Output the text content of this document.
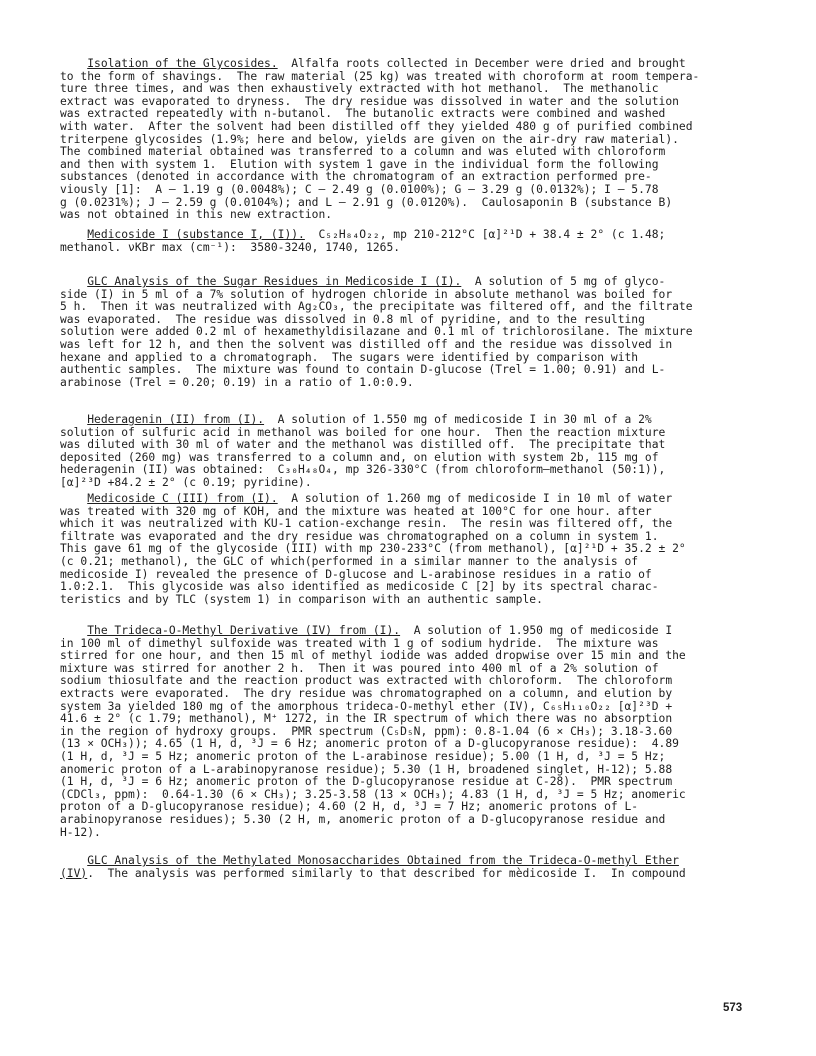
Isolation of the Glycosides.  Alfalfa roots collected in December were dried and brought
to the form of shavings.  The raw material (25 kg) was treated with choroform at room tempera-
ture three times, and was then exhaustively extracted with hot methanol.  The methanolic
extract was evaporated to dryness.  The dry residue was dissolved in water and the solution
was extracted repeatedly with n-butanol.  The butanolic extracts were combined and washed
with water.  After the solvent had been distilled off they yielded 480 g of purified combined
triterpene glycosides (1.9%; here and below, yields are given on the air-dry raw material).
The combined material obtained was transferred to a column and was eluted with chloroform
and then with system 1.  Elution with system 1 gave in the individual form the following
substances (denoted in accordance with the chromatogram of an extraction performed pre-
viously [1]:  A — 1.19 g (0.0048%); C — 2.49 g (0.0100%); G — 3.29 g (0.0132%); I — 5.78
g (0.0231%); J — 2.59 g (0.0104%); and L — 2.91 g (0.0120%).  Caulosaponin B (substance B)
was not obtained in this new extraction.
Medicoside I (substance I, (I)).  C₅₂H₈₄O₂₂, mp 210-212°C [α]²¹D + 38.4 ± 2° (c 1.48;
methanol. νKBr max (cm⁻¹):  3580-3240, 1740, 1265.
GLC Analysis of the Sugar Residues in Medicoside I (I).  A solution of 5 mg of glyco-
side (I) in 5 ml of a 7% solution of hydrogen chloride in absolute methanol was boiled for
5 h.  Then it was neutralized with Ag₂CO₃, the precipitate was filtered off, and the filtrate
was evaporated.  The residue was dissolved in 0.8 ml of pyridine, and to the resulting
solution were added 0.2 ml of hexamethyldisilazane and 0.1 ml of trichlorosilane. The mixture
was left for 12 h, and then the solvent was distilled off and the residue was dissolved in
hexane and applied to a chromatograph.  The sugars were identified by comparison with
authentic samples.  The mixture was found to contain D-glucose (Trel = 1.00; 0.91) and L-
arabinose (Trel = 0.20; 0.19) in a ratio of 1.0:0.9.
Hederagenin (II) from (I).  A solution of 1.550 mg of medicoside I in 30 ml of a 2%
solution of sulfuric acid in methanol was boiled for one hour.  Then the reaction mixture
was diluted with 30 ml of water and the methanol was distilled off.  The precipitate that
deposited (260 mg) was transferred to a column and, on elution with system 2b, 115 mg of
hederagenin (II) was obtained:  C₃₀H₄₈O₄, mp 326-330°C (from chloroform—methanol (50:1)),
[α]²³D +84.2 ± 2° (c 0.19; pyridine).
Medicoside C (III) from (I).  A solution of 1.260 mg of medicoside I in 10 ml of water
was treated with 320 mg of KOH, and the mixture was heated at 100°C for one hour. after
which it was neutralized with KU-1 cation-exchange resin.  The resin was filtered off, the
filtrate was evaporated and the dry residue was chromatographed on a column in system 1.
This gave 61 mg of the glycoside (III) with mp 230-233°C (from methanol), [α]²¹D + 35.2 ± 2°
(c 0.21; methanol), the GLC of which(performed in a similar manner to the analysis of
medicoside I) revealed the presence of D-glucose and L-arabinose residues in a ratio of
1.0:2.1.  This glycoside was also identified as medicoside C [2] by its spectral charac-
teristics and by TLC (system 1) in comparison with an authentic sample.
The Trideca-O-Methyl Derivative (IV) from (I).  A solution of 1.950 mg of medicoside I
in 100 ml of dimethyl sulfoxide was treated with 1 g of sodium hydride.  The mixture was
stirred for one hour, and then 15 ml of methyl iodide was added dropwise over 15 min and the
mixture was stirred for another 2 h.  Then it was poured into 400 ml of a 2% solution of
sodium thiosulfate and the reaction product was extracted with chloroform.  The chloroform
extracts were evaporated.  The dry residue was chromatographed on a column, and elution by
system 3a yielded 180 mg of the amorphous trideca-O-methyl ether (IV), C₆₅H₁₁₀O₂₂ [α]²³D +
41.6 ± 2° (c 1.79; methanol), M⁺ 1272, in the IR spectrum of which there was no absorption
in the region of hydroxy groups.  PMR spectrum (C₅D₅N, ppm): 0.8-1.04 (6 × CH₃); 3.18-3.60
(13 × OCH₃)); 4.65 (1 H, d, ³J = 6 Hz; anomeric proton of a D-glucopyranose residue):  4.89
(1 H, d, ³J = 5 Hz; anomeric proton of the L-arabinose residue); 5.00 (1 H, d, ³J = 5 Hz;
anomeric proton of a L-arabinopyranose residue); 5.30 (1 H, broadened singlet, H-12); 5.88
(1 H, d, ³J = 6 Hz; anomeric proton of the D-glucopyranose residue at C-28).  PMR spectrum
(CDCl₃, ppm):  0.64-1.30 (6 × CH₃); 3.25-3.58 (13 × OCH₃); 4.83 (1 H, d, ³J = 5 Hz; anomeric
proton of a D-glucopyranose residue); 4.60 (2 H, d, ³J = 7 Hz; anomeric protons of L-
arabinopyranose residues); 5.30 (2 H, m, anomeric proton of a D-glucopyranose residue and
H-12).
GLC Analysis of the Methylated Monosaccharides Obtained from the Trideca-O-methyl Ether
(IV).  The analysis was performed similarly to that described for mèdicoside I.  In compound
573
